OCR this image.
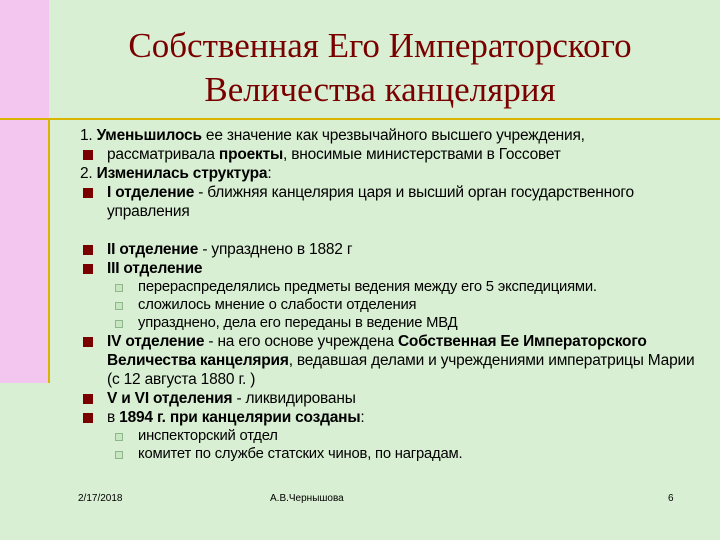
Собственная Его Императорского
Величества канцелярия

1. Уменьшилось ее значение как чрезвычайного высшего учреждения,

рассматривала проекты, вносимые министерствами в Госсовет

2. Изменилась структура:

I отделение - ближняя канцелярия царя и высший орган государственного управления

II отделение - упразднено в 1882 г

III отделение

перераспределялись предметы ведения между его 5 экспедициями.

сложилось мнение о слабости отделения

упразднено, дела его переданы в ведение МВД

IV отделение - на его основе учреждена Собственная Ее Императорского Величества канцелярия, ведавшая делами и учреждениями императрицы Марии (с 12 августа 1880 г. )

V и VI отделения - ликвидированы

в 1894 г. при канцелярии созданы:

инспекторский отдел

комитет по службе статских чинов, по наградам.

2/17/2018	А.В.Чернышова	6
